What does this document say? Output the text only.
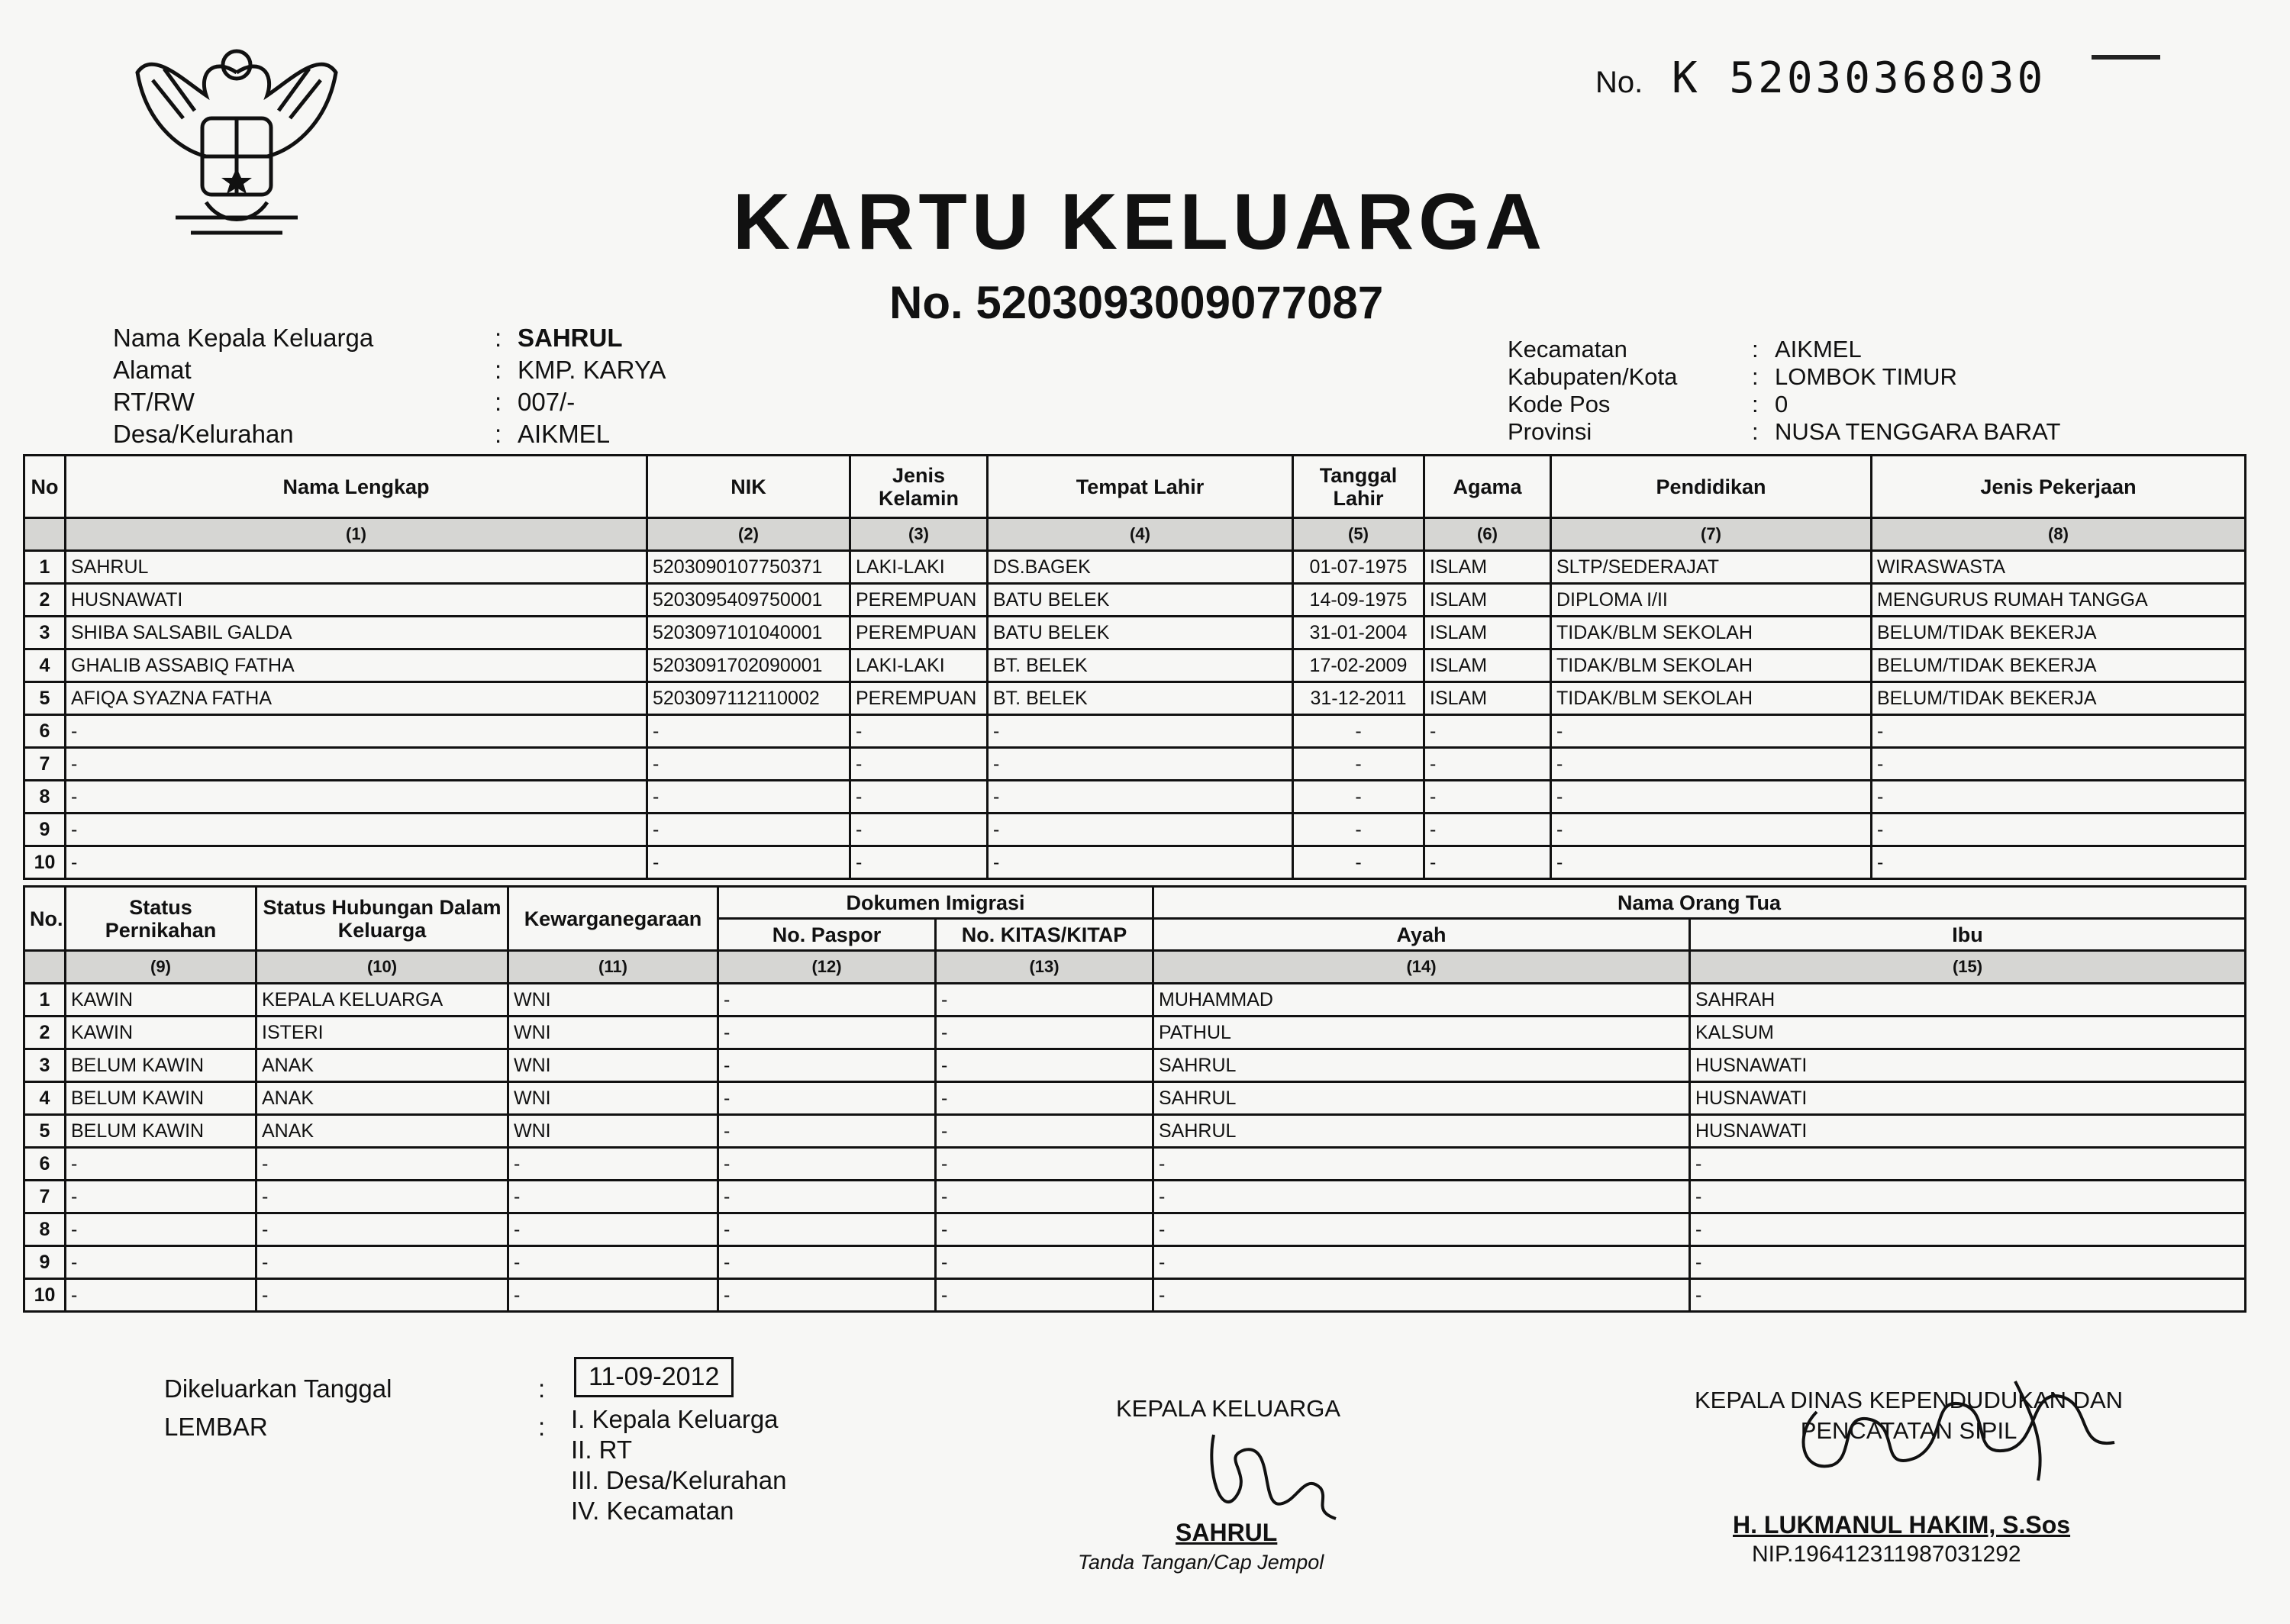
No. K 52030368030
KARTU KELUARGA
No. 5203093009077087
Nama Kepala Keluarga	: SAHRUL
Alamat	: KMP. KARYA
RT/RW	: 007/-
Desa/Kelurahan	: AIKMEL
Kecamatan	: AIKMEL
Kabupaten/Kota	: LOMBOK TIMUR
Kode Pos	: 0
Provinsi	: NUSA TENGGARA BARAT
No	Nama Lengkap	NIK	Jenis Kelamin	Tempat Lahir	Tanggal Lahir	Agama	Pendidikan	Jenis Pekerjaan
	(1)	(2)	(3)	(4)	(5)	(6)	(7)	(8)
1	SAHRUL	5203090107750371	LAKI-LAKI	DS.BAGEK	01-07-1975	ISLAM	SLTP/SEDERAJAT	WIRASWASTA
2	HUSNAWATI	5203095409750001	PEREMPUAN	BATU BELEK	14-09-1975	ISLAM	DIPLOMA I/II	MENGURUS RUMAH TANGGA
3	SHIBA SALSABIL GALDA	5203097101040001	PEREMPUAN	BATU BELEK	31-01-2004	ISLAM	TIDAK/BLM SEKOLAH	BELUM/TIDAK BEKERJA
4	GHALIB ASSABIQ FATHA	5203091702090001	LAKI-LAKI	BT. BELEK	17-02-2009	ISLAM	TIDAK/BLM SEKOLAH	BELUM/TIDAK BEKERJA
5	AFIQA SYAZNA FATHA	5203097112110002	PEREMPUAN	BT. BELEK	31-12-2011	ISLAM	TIDAK/BLM SEKOLAH	BELUM/TIDAK BEKERJA
6	-	-	-	-	-	-	-	-
7	-	-	-	-	-	-	-	-
8	-	-	-	-	-	-	-	-
9	-	-	-	-	-	-	-	-
10	-	-	-	-	-	-	-	-
No.	Status Pernikahan	Status Hubungan Dalam Keluarga	Kewarganegaraan	Dokumen Imigrasi		Nama Orang Tua	
				No. Paspor	No. KITAS/KITAP	Ayah	Ibu
	(9)	(10)	(11)	(12)	(13)	(14)	(15)
1	KAWIN	KEPALA KELUARGA	WNI	-	-	MUHAMMAD	SAHRAH
2	KAWIN	ISTERI	WNI	-	-	PATHUL	KALSUM
3	BELUM KAWIN	ANAK	WNI	-	-	SAHRUL	HUSNAWATI
4	BELUM KAWIN	ANAK	WNI	-	-	SAHRUL	HUSNAWATI
5	BELUM KAWIN	ANAK	WNI	-	-	SAHRUL	HUSNAWATI
6	-	-	-	-	-	-	-
7	-	-	-	-	-	-	-
8	-	-	-	-	-	-	-
9	-	-	-	-	-	-	-
10	-	-	-	-	-	-	-
Dikeluarkan Tanggal	:
LEMBAR	:
11-09-2012
I. Kepala Keluarga
II. RT
III. Desa/Kelurahan
IV. Kecamatan
KEPALA KELUARGA
SAHRUL
Tanda Tangan/Cap Jempol
KEPALA DINAS KEPENDUDUKAN DAN
PENCATATAN SIPIL
H. LUKMANUL HAKIM, S.Sos
NIP.196412311987031292
